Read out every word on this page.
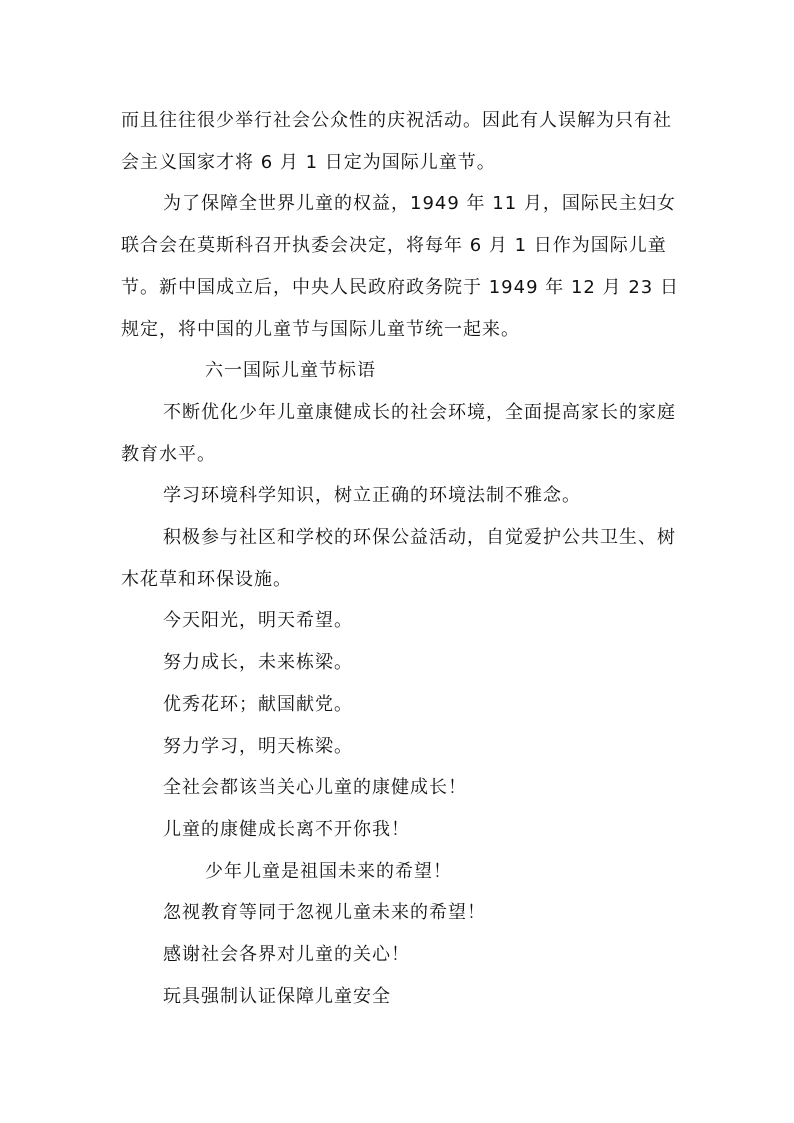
而且往往很少举行社会公众性的庆祝活动。因此有人误解为只有社会主义国家才将 6 月 1 日定为国际儿童节。

为了保障全世界儿童的权益，1949 年 11 月，国际民主妇女联合会在莫斯科召开执委会决定，将每年 6 月 1 日作为国际儿童节。新中国成立后，中央人民政府政务院于 1949 年 12 月 23 日规定，将中国的儿童节与国际儿童节统一起来。

六一国际儿童节标语

不断优化少年儿童康健成长的社会环境，全面提高家长的家庭教育水平。

学习环境科学知识，树立正确的环境法制不雅念。

积极参与社区和学校的环保公益活动，自觉爱护公共卫生、树木花草和环保设施。

今天阳光，明天希望。

努力成长，未来栋梁。

优秀花环；献国献党。

努力学习，明天栋梁。

全社会都该当关心儿童的康健成长！

儿童的康健成长离不开你我！

少年儿童是祖国未来的希望！

忽视教育等同于忽视儿童未来的希望！

感谢社会各界对儿童的关心！

玩具强制认证保障儿童安全
